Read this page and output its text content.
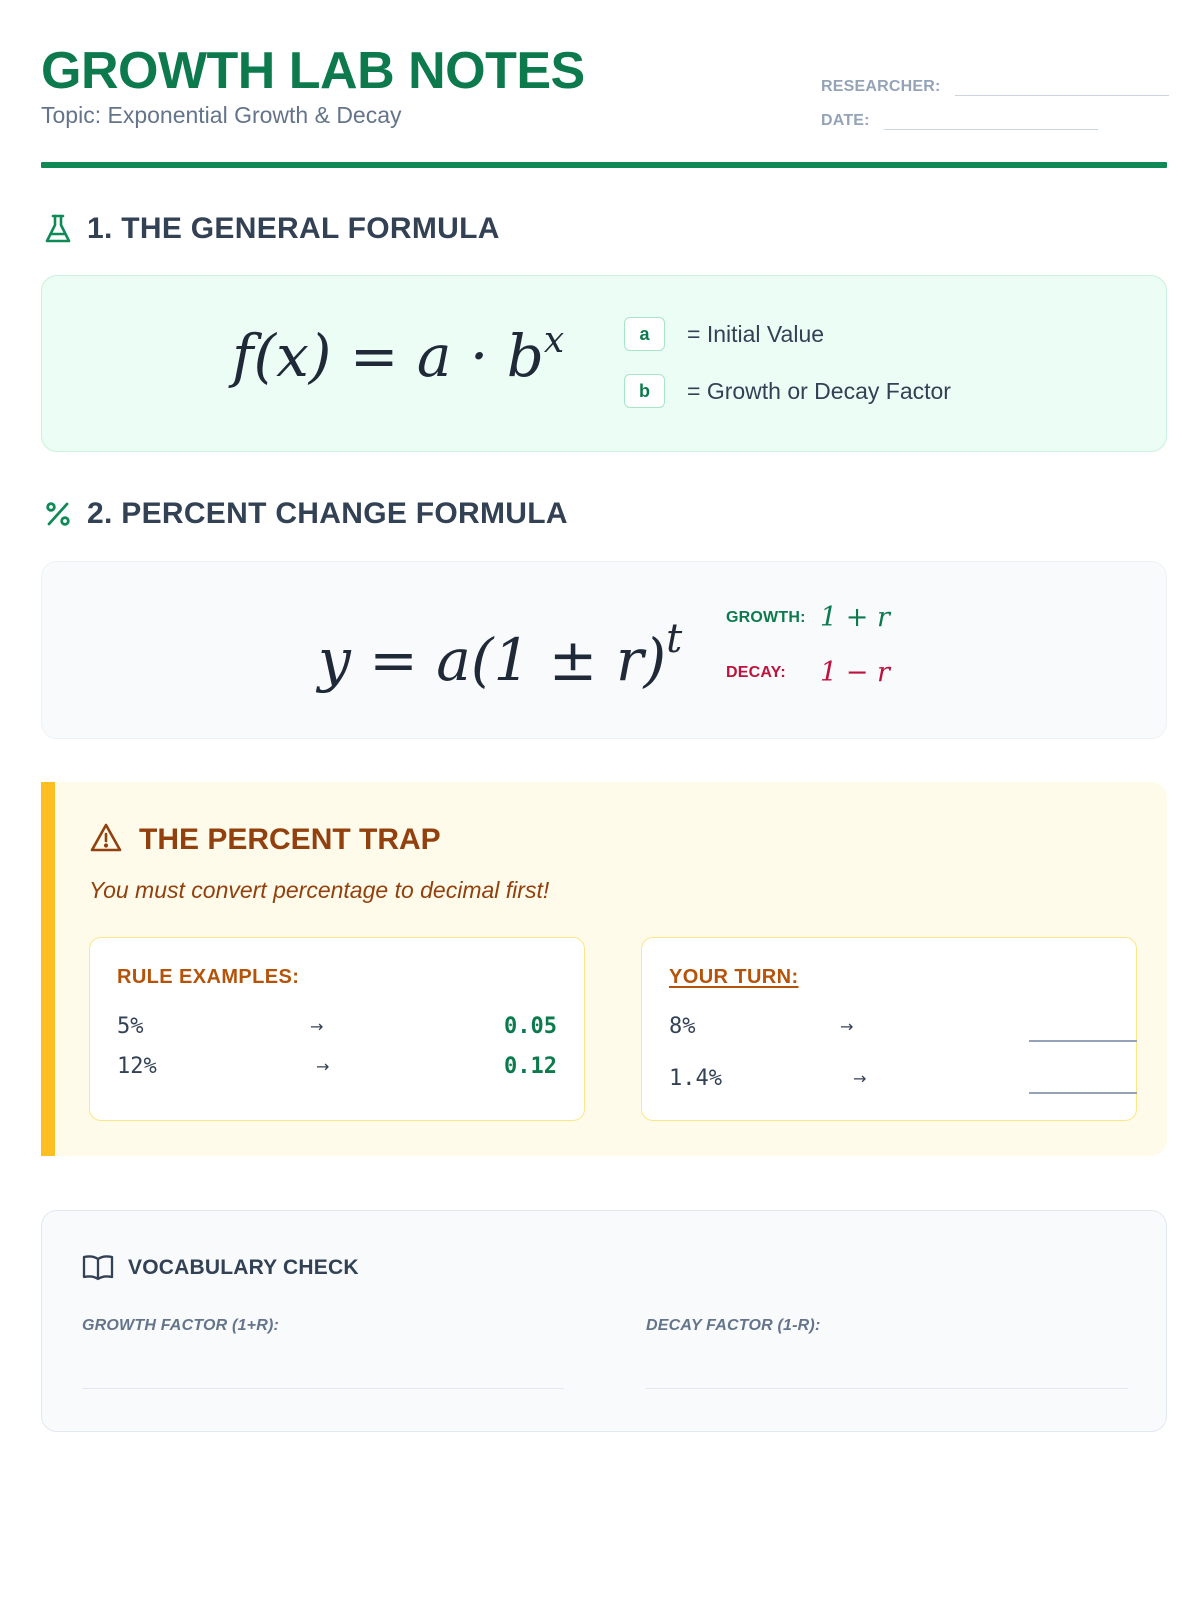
GROWTH LAB NOTES
Topic: Exponential Growth & Decay
RESEARCHER:
DATE:
1. THE GENERAL FORMULA
$f(x) = a \cdot b^x$	a	= Initial Value
b	= Growth or Decay Factor
2. PERCENT CHANGE FORMULA
$y = a(1 \pm r)^t$	GROWTH: 1 + r
DECAY:	1 − r
THE PERCENT TRAP
You must convert percentage to decimal first!
RULE EXAMPLES:
5%	→	0.05
12%	→	0.12
YOUR TURN:
8%	→
1.4%	→
VOCABULARY CHECK
GROWTH FACTOR (1+R):	DECAY FACTOR (1-R):
